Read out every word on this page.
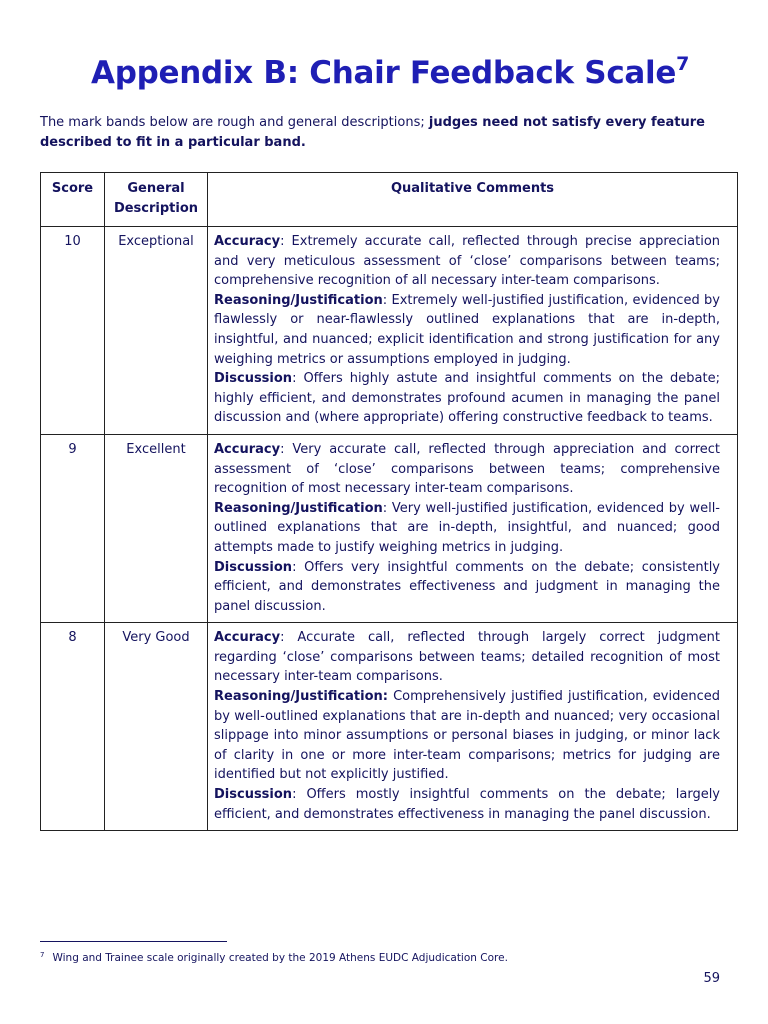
Appendix B: Chair Feedback Scale$^7$

The mark bands below are rough and general descriptions; judges need not satisfy every feature described to fit in a particular band.

Score	General Description	Qualitative Comments
10	Exceptional	Accuracy: Extremely accurate call, reflected through precise appreciation and very meticulous assessment of ‘close’ comparisons between teams; comprehensive recognition of all necessary inter-team comparisons.
Reasoning/Justification: Extremely well-justified justification, evidenced by flawlessly or near-flawlessly outlined explanations that are in-depth, insightful, and nuanced; explicit identification and strong justification for any weighing metrics or assumptions employed in judging.
Discussion: Offers highly astute and insightful comments on the debate; highly efficient, and demonstrates profound acumen in managing the panel discussion and (where appropriate) offering constructive feedback to teams.

9	Excellent	Accuracy: Very accurate call, reflected through appreciation and correct assessment of ‘close’ comparisons between teams; comprehensive recognition of most necessary inter-team comparisons.
Reasoning/Justification: Very well-justified justification, evidenced by well-outlined explanations that are in-depth, insightful, and nuanced; good attempts made to justify weighing metrics in judging.
Discussion: Offers very insightful comments on the debate; consistently efficient, and demonstrates effectiveness and judgment in managing the panel discussion.

8	Very Good	Accuracy: Accurate call, reflected through largely correct judgment regarding ‘close’ comparisons between teams; detailed recognition of most necessary inter-team comparisons.
Reasoning/Justification: Comprehensively justified justification, evidenced by well-outlined explanations that are in-depth and nuanced; very occasional slippage into minor assumptions or personal biases in judging, or minor lack of clarity in one or more inter-team comparisons; metrics for judging are identified but not explicitly justified.
Discussion: Offers mostly insightful comments on the debate; largely efficient, and demonstrates effectiveness in managing the panel discussion.
$^7$ Wing and Trainee scale originally created by the 2019 Athens EUDC Adjudication Core.
59
